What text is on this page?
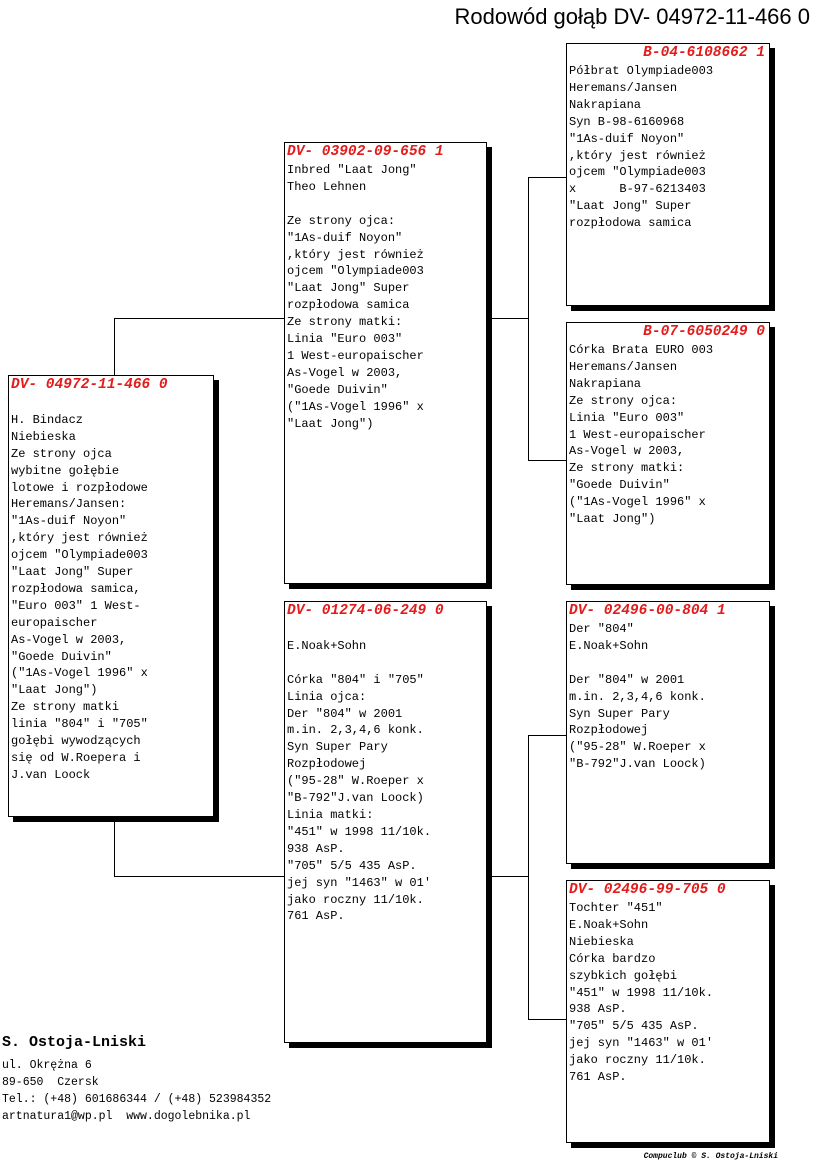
Rodowód gołąb DV- 04972-11-466 0
DV- 04972-11-466 0
H. Bindacz
Niebieska
Ze strony ojca
wybitne gołębie
lotowe i rozpłodowe
Heremans/Jansen:
"1As-duif Noyon"
,który jest również
ojcem "Olympiade003
"Laat Jong" Super
rozpłodowa samica,
"Euro 003" 1 West-
europaischer
As-Vogel w 2003,
"Goede Duivin"
("1As-Vogel 1996" x
"Laat Jong")
Ze strony matki
linia "804" i "705"
gołębi wywodzących
się od W.Roepera i
J.van Loock
DV- 03902-09-656 1
Inbred "Laat Jong"
Theo Lehnen

Ze strony ojca:
"1As-duif Noyon"
,który jest również
ojcem "Olympiade003
"Laat Jong" Super
rozpłodowa samica
Ze strony matki:
Linia "Euro 003"
1 West-europaischer
As-Vogel w 2003,
"Goede Duivin"
("1As-Vogel 1996" x
"Laat Jong")
DV- 01274-06-249 0

E.Noak+Sohn

Córka "804" i "705"
Linia ojca:
Der "804" w 2001
m.in. 2,3,4,6 konk.
Syn Super Pary
Rozpłodowej
("95-28" W.Roeper x
"B-792"J.van Loock)
Linia matki:
"451" w 1998 11/10k.
938 AsP.
"705" 5/5 435 AsP.
jej syn "1463" w 01'
jako roczny 11/10k.
761 AsP.
B-04-6108662 1
Półbrat Olympiade003
Heremans/Jansen
Nakrapiana
Syn B-98-6160968
"1As-duif Noyon"
,który jest również
ojcem "Olympiade003
x      B-97-6213403
"Laat Jong" Super
rozpłodowa samica
B-07-6050249 0
Córka Brata EURO 003
Heremans/Jansen
Nakrapiana
Ze strony ojca:
Linia "Euro 003"
1 West-europaischer
As-Vogel w 2003,
Ze strony matki:
"Goede Duivin"
("1As-Vogel 1996" x
"Laat Jong")
DV- 02496-00-804 1
Der "804"
E.Noak+Sohn

Der "804" w 2001
m.in. 2,3,4,6 konk.
Syn Super Pary
Rozpłodowej
("95-28" W.Roeper x
"B-792"J.van Loock)
DV- 02496-99-705 0
Tochter "451"
E.Noak+Sohn
Niebieska
Córka bardzo
szybkich gołębi
"451" w 1998 11/10k.
938 AsP.
"705" 5/5 435 AsP.
jej syn "1463" w 01'
jako roczny 11/10k.
761 AsP.
S. Ostoja-Lniski
ul. Okrężna 6
89-650  Czersk
Tel.: (+48) 601686344 / (+48) 523984352
artnatura1@wp.pl  www.dogolebnika.pl
Compuclub © S. Ostoja-Lniski
